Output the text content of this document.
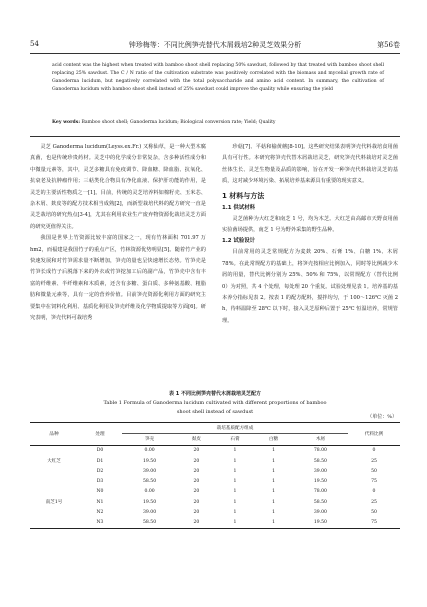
54	钟珍梅等：不同比例笋壳替代木屑栽培2种灵芝效果分析	第56卷
acid content was the highest when treated with bamboo shoot shell replacing 50% sawdust, followed by that treated with bamboo shoot shell replacing 25% sawdust. The C / N ratio of the cultivation substrate was positively correlated with the biomass and mycelial growth rate of Ganoderma lucidum, but negatively correlated with the total polysaccharide and amino acid content. In summary, the cultivation of Ganoderma lucidum with bamboo shoot shell instead of 25% sawdust could improve the quality while ensuring the yield
Key words: Bamboo shoot shell; Ganoderma lucidum; Biological conversion rate; Yield; Quality

灵芝 Ganoderma lucidum(Leyss.ex.Fr.) 又称仙草，是一种大型木腐真菌，也是传统珍贵药材。灵芝中的化学成分非常复杂，含多种活性成分和中微量元素等，其中，灵芝多糖具有免疫调节、降血糖、降血脂、抗氧化、抗衰老及抗肿瘤作用；三萜类化合物具有净化血液、保护肝功能的作用，是灵芝的主要活性物质之一[1]。目前，传统的灵芝培养料如棉籽壳、玉米芯、杂木屑、麸皮等的配方技术相当成熟[2]，而新型栽培代料的配方研究一直是灵芝栽培的研究热点[3-4]，尤其在利用农业生产废弃物资源化栽培灵芝方面的研究更值得关注。

我国是世界上竹资源比较丰富的国家之一，现有竹林面积 701.97 万 hm2，而福建是我国竹子的重点产区，竹林资源优势明显[5]。随着竹产业的快速发展和对竹笋需求量不断增加，笋壳的量也呈快速增长态势。竹笋壳是竹笋长成竹子后脱落下来的外衣或竹笋挖加工后的副产品，竹笋壳中含有丰富的纤维素、半纤维素和木质素，还含有多糖、蛋白质、多种氨基酸、粗脂肪和微量元素等，具有一定的营养价值。目前笋壳资源化利用方面的研究主要集中在饲料化利用、基质化利用及笋壳纤维及化学物质提取等方面[6]。研究表明，笋壳代料可栽培秀

珍菇[7]、平菇和榆黄蘑[8-10]。这些研究结果表明笋壳代料栽培食用菌具有可行性。本研究将笋壳代替木屑栽培灵芝，研究笋壳代料栽培对灵芝菌丝体生长、灵芝生物量及品质的影响，旨在开发一种笋壳代料栽培灵芝的基质，这对减少环境污染、拓展培养基来源具有重要的现实意义。

1 材料与方法
1.1 供试材料

灵芝菌种为大红芝和南芝 1 号，均为木芝。大红芝由高邮市天野食用菌实验菌场提供，南芝 1 号为野外采集的野生品种。

1.2 试验设计

目前常用的灵芝常规配方为麦麸 20%、石膏 1%、白糖 1%、木屑 78%。在此常规配方的基础上，将笋壳按相应比例加入，同时等比例减少木屑的用量，替代比例分别为 25%、50% 和 75%，以常规配方（替代比例 0）为对照，共 4 个处理，每处理 20 个重复。试验处理见表 1。培养基的基本养分指标见表 2。按表 1 的配方配料，搅拌均匀，于 100～126℃ 灭菌 2 h，待料温降至 28℃ 以下时，接入灵芝原种后置于 25℃ 恒温培养，常规管理。

表 1 不同比例笋壳替代木屑栽培灵芝配方
Table 1 Formula of Ganoderma lucidum cultivated with different proportions of bamboo
shoot shell instead of sawdust
（单位：%）
品种	处理	栽培基质配方组成					代料比例
		笋壳	麸皮	石膏	白糖	木屑	
	D0	0.00	20	1	1	78.00	0
大红芝	D1	19.50	20	1	1	58.50	25
	D2	39.00	20	1	1	39.00	50
	D3	58.50	20	1	1	19.50	75
	N0	0.00	20	1	1	78.00	0
南芝1号	N1	19.50	20	1	1	58.50	25
	N2	39.00	20	1	1	39.00	50
	N3	58.50	20	1	1	19.50	75
